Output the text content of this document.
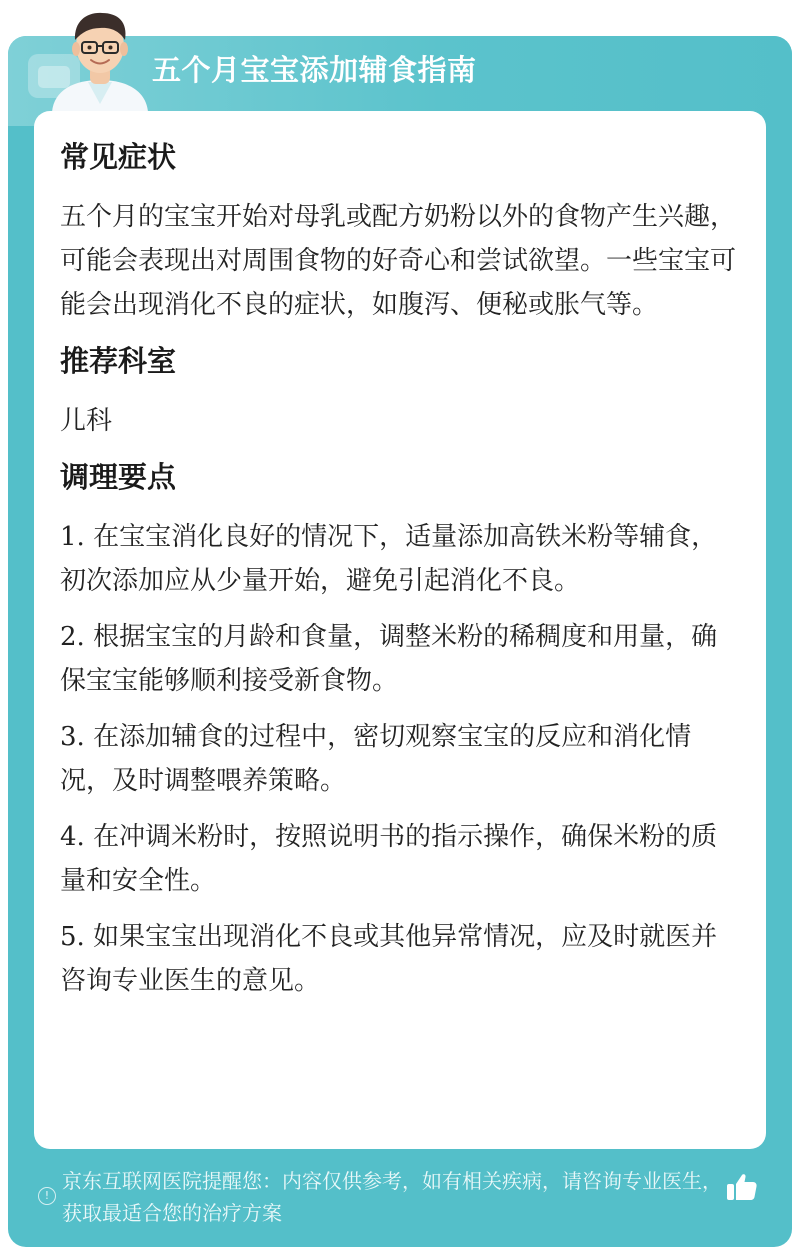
五个月宝宝添加辅食指南
常见症状
五个月的宝宝开始对母乳或配方奶粉以外的食物产生兴趣，可能会表现出对周围食物的好奇心和尝试欲望。一些宝宝可能会出现消化不良的症状，如腹泻、便秘或胀气等。
推荐科室
儿科
调理要点
1. 在宝宝消化良好的情况下，适量添加高铁米粉等辅食，初次添加应从少量开始，避免引起消化不良。
2. 根据宝宝的月龄和食量，调整米粉的稀稠度和用量，确保宝宝能够顺利接受新食物。
3. 在添加辅食的过程中，密切观察宝宝的反应和消化情况，及时调整喂养策略。
4. 在冲调米粉时，按照说明书的指示操作，确保米粉的质量和安全性。
5. 如果宝宝出现消化不良或其他异常情况，应及时就医并咨询专业医生的意见。
!
京东互联网医院提醒您：内容仅供参考，如有相关疾病，请咨询专业医生，获取最适合您的治疗方案
